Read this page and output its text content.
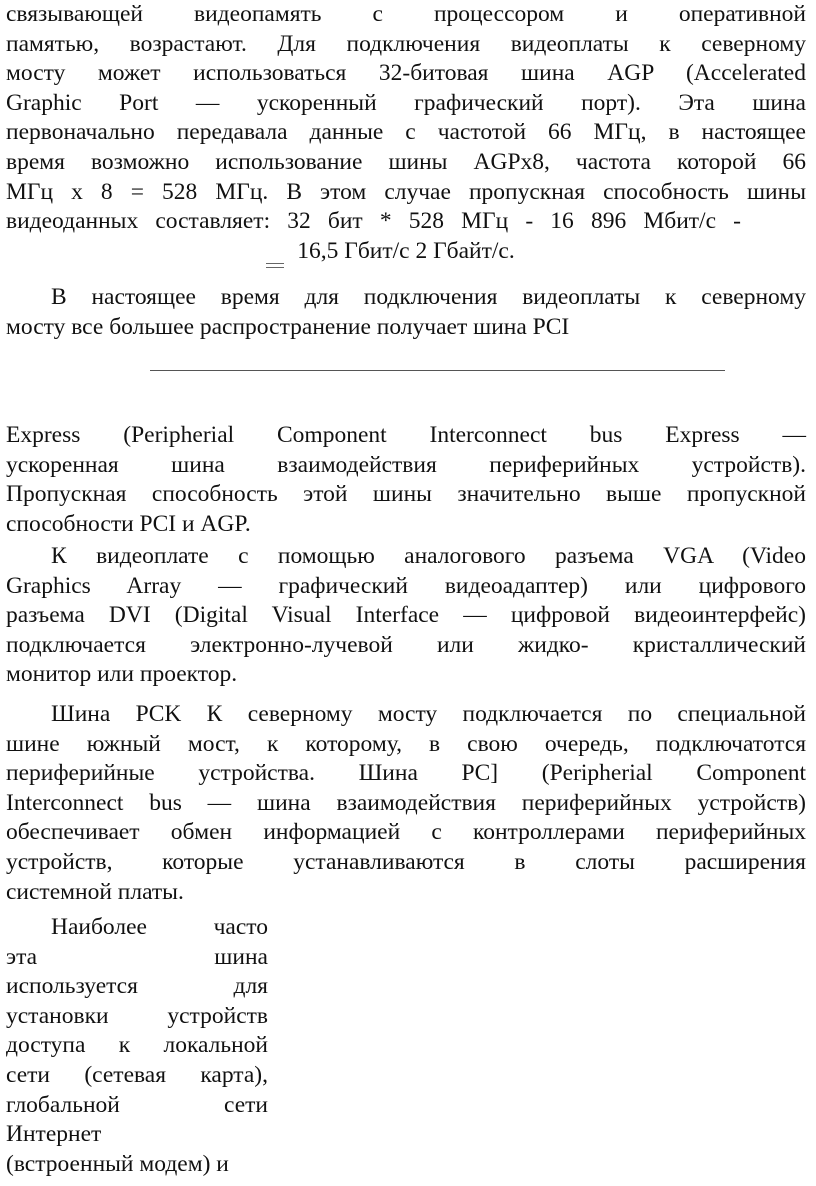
связывающей видеопамять с процессором и оперативной
памятью, возрастают. Для подключения видеоплаты к северному
мосту может использоваться 32-битовая шина AGP (Accelerated
Graphic Port — ускоренный графический порт). Эта шина
первоначально передавала данные с частотой 66 МГц, в настоящее
время возможно использование шины AGPx8, частота которой 66
МГц х 8 = 528 МГц. В этом случае пропускная способность шины
видеоданных составляет: 32 бит * 528 МГц - 16 896 Мбит/с -
16,5 Гбит/с 2 Гбайт/с.
В настоящее время для подключения видеоплаты к северному
мосту все большее распространение получает шина PCI
Express (Peripherial Component Interconnect bus Express —
ускоренная шина взаимодействия периферийных устройств).
Пропускная способность этой шины значительно выше пропускной
способности PCI и AGP.
К видеоплате с помощью аналогового разъема VGA (Video
Graphics Array — графический видеоадаптер) или цифрового
разъема DVI (Digital Visual Interface — цифровой видеоинтерфейс)
подключается электронно-лучевой или жидко- кристаллический
монитор или проектор.
Шина PCK К северному мосту подключается по специальной
шине южный мост, к которому, в свою очередь, подключатотся
периферийные устройства. Шина PC] (Peripherial Component
Interconnect bus — шина взаимодействия периферийных устройств)
обеспечивает обмен информацией с контроллерами периферийных
устройств, которые устанавливаются в слоты расширения
системной платы.
Наиболее часто
эта шина
используется для
установки устройств
доступа к локальной
сети (сетевая карта),
глобальной сети
Интернет
(встроенный модем) и
